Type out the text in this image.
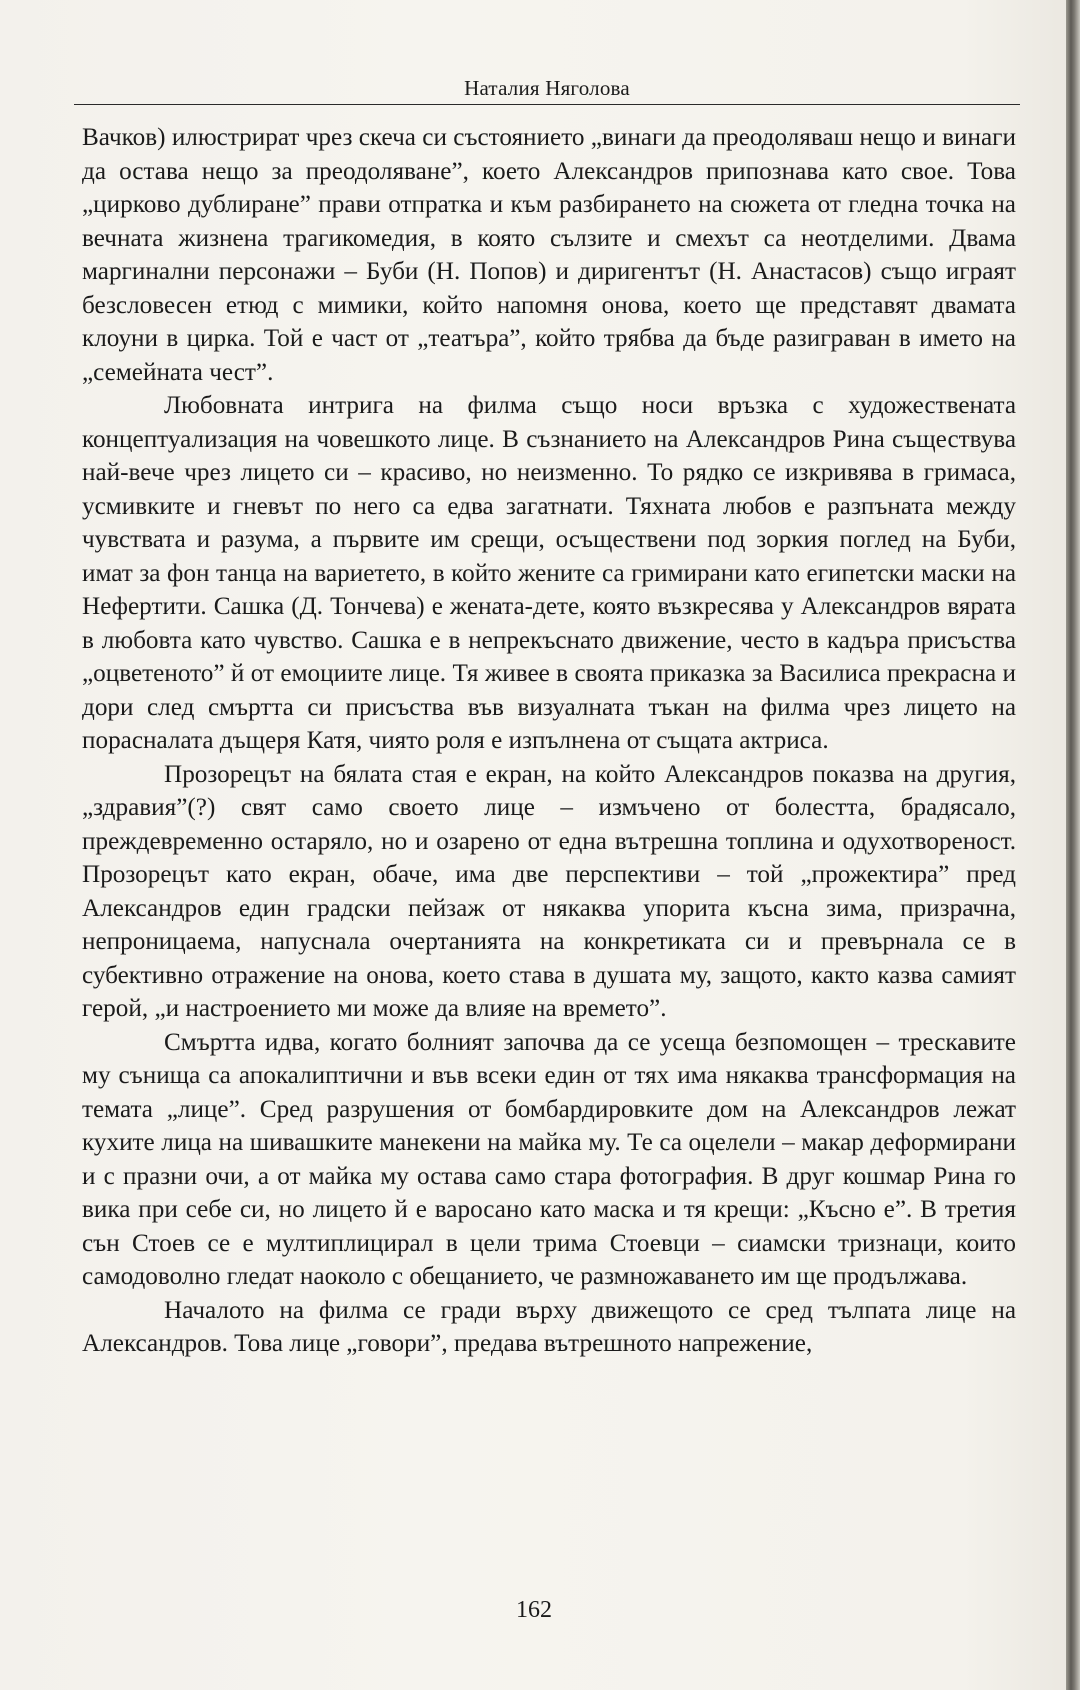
Наталия Няголова

Вачков) илюстрират чрез скеча си състоянието „винаги да преодоляваш нещо и винаги да остава нещо за преодоляване”, което Александров припознава като свое. Това „цирково дублиране” прави отпратка и към разбирането на сюжета от гледна точка на вечната жизнена трагикомедия, в която сълзите и смехът са неотделими. Двама маргинални персонажи – Буби (Н. Попов) и диригентът (Н. Анастасов) също играят безсловесен етюд с мимики, който напомня онова, което ще представят двамата клоуни в цирка. Той е част от „театъра”, който трябва да бъде разиграван в името на „семейната чест”.

Любовната интрига на филма също носи връзка с художествената концептуализация на човешкото лице. В съзнанието на Александров Рина съществува най-вече чрез лицето си – красиво, но неизменно. То рядко се изкривява в гримаса, усмивките и гневът по него са едва загатнати. Тяхната любов е разпъната между чувствата и разума, а първите им срещи, осъществени под зоркия поглед на Буби, имат за фон танца на вариетето, в който жените са гримирани като египетски маски на Нефертити. Сашка (Д. Тончева) е жената-дете, която възкресява у Александров вярата в любовта като чувство. Сашка е в непрекъснато движение, често в кадъра присъства „оцветеното” й от емоциите лице. Тя живее в своята приказка за Василиса прекрасна и дори след смъртта си присъства във визуалната тъкан на филма чрез лицето на порасналата дъщеря Катя, чиято роля е изпълнена от същата актриса.

Прозорецът на бялата стая е екран, на който Александров показва на другия, „здравия”(?) свят само своето лице – измъчено от болестта, брадясало, преждевременно остаряло, но и озарено от една вътрешна топлина и одухотвореност. Прозорецът като екран, обаче, има две перспективи – той „прожектира” пред Александров един градски пейзаж от някаква упорита късна зима, призрачна, непроницаема, напуснала очертанията на конкретиката си и превърнала се в субективно отражение на онова, което става в душата му, защото, както казва самият герой, „и настроението ми може да влияе на времето”.

Смъртта идва, когато болният започва да се усеща безпомощен – трескавите му сънища са апокалиптични и във всеки един от тях има някаква трансформация на темата „лице”. Сред разрушения от бомбардировките дом на Александров лежат кухите лица на шивашките манекени на майка му. Те са оцелели – макар деформирани и с празни очи, а от майка му остава само стара фотография. В друг кошмар Рина го вика при себе си, но лицето й е варосано като маска и тя крещи: „Късно е”. В третия сън Стоев се е мултиплицирал в цели трима Стоевци – сиамски тризнаци, които самодоволно гледат наоколо с обещанието, че размножаването им ще продължава.

Началото на филма се гради върху движещото се сред тълпата лице на Александров. Това лице „говори”, предава вътрешното напрежение,

162
